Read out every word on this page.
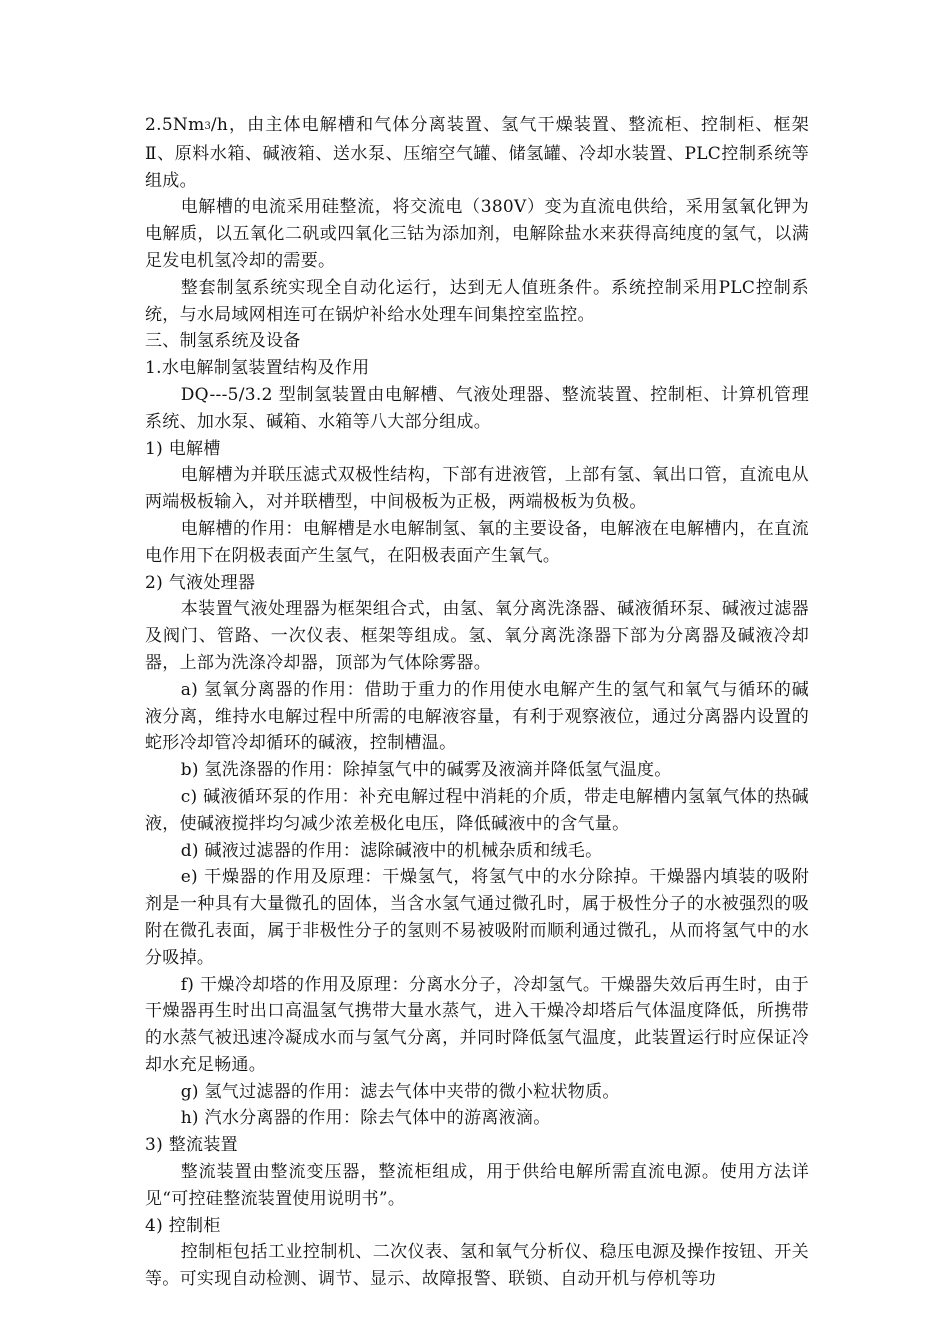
2.5Nm$^3$/h，由主体电解槽和气体分离装置、氢气干燥装置、整流柜、控制柜、框架Ⅱ、原料水箱、碱液箱、送水泵、压缩空气罐、储氢罐、冷却水装置、PLC控制系统等组成。

电解槽的电流采用硅整流，将交流电（380V）变为直流电供给，采用氢氧化钾为电解质，以五氧化二矾或四氧化三钴为添加剂，电解除盐水来获得高纯度的氢气，以满足发电机氢冷却的需要。

整套制氢系统实现全自动化运行，达到无人值班条件。系统控制采用PLC控制系统，与水局域网相连可在锅炉补给水处理车间集控室监控。

三、制氢系统及设备

1.水电解制氢装置结构及作用

DQ---5/3.2 型制氢装置由电解槽、气液处理器、整流装置、控制柜、计算机管理系统、加水泵、碱箱、水箱等八大部分组成。

1) 电解槽

电解槽为并联压滤式双极性结构，下部有进液管，上部有氢、氧出口管，直流电从两端极板输入，对并联槽型，中间极板为正极，两端极板为负极。

电解槽的作用：电解槽是水电解制氢、氧的主要设备，电解液在电解槽内，在直流电作用下在阴极表面产生氢气，在阳极表面产生氧气。

2) 气液处理器

本装置气液处理器为框架组合式，由氢、氧分离洗涤器、碱液循环泵、碱液过滤器及阀门、管路、一次仪表、框架等组成。氢、氧分离洗涤器下部为分离器及碱液冷却器，上部为洗涤冷却器，顶部为气体除雾器。

a) 氢氧分离器的作用：借助于重力的作用使水电解产生的氢气和氧气与循环的碱液分离，维持水电解过程中所需的电解液容量，有利于观察液位，通过分离器内设置的蛇形冷却管冷却循环的碱液，控制槽温。

b) 氢洗涤器的作用：除掉氢气中的碱雾及液滴并降低氢气温度。

c) 碱液循环泵的作用：补充电解过程中消耗的介质，带走电解槽内氢氧气体的热碱液，使碱液搅拌均匀减少浓差极化电压，降低碱液中的含气量。

d) 碱液过滤器的作用：滤除碱液中的机械杂质和绒毛。

e) 干燥器的作用及原理：干燥氢气，将氢气中的水分除掉。干燥器内填装的吸附剂是一种具有大量微孔的固体，当含水氢气通过微孔时，属于极性分子的水被强烈的吸附在微孔表面，属于非极性分子的氢则不易被吸附而顺利通过微孔，从而将氢气中的水分吸掉。

f) 干燥冷却塔的作用及原理：分离水分子，冷却氢气。干燥器失效后再生时，由于干燥器再生时出口高温氢气携带大量水蒸气，进入干燥冷却塔后气体温度降低，所携带的水蒸气被迅速冷凝成水而与氢气分离，并同时降低氢气温度，此装置运行时应保证冷却水充足畅通。

g) 氢气过滤器的作用：滤去气体中夹带的微小粒状物质。

h) 汽水分离器的作用：除去气体中的游离液滴。

3) 整流装置

整流装置由整流变压器，整流柜组成，用于供给电解所需直流电源。使用方法详见“可控硅整流装置使用说明书”。

4) 控制柜

控制柜包括工业控制机、二次仪表、氢和氧气分析仪、稳压电源及操作按钮、开关等。可实现自动检测、调节、显示、故障报警、联锁、自动开机与停机等功
